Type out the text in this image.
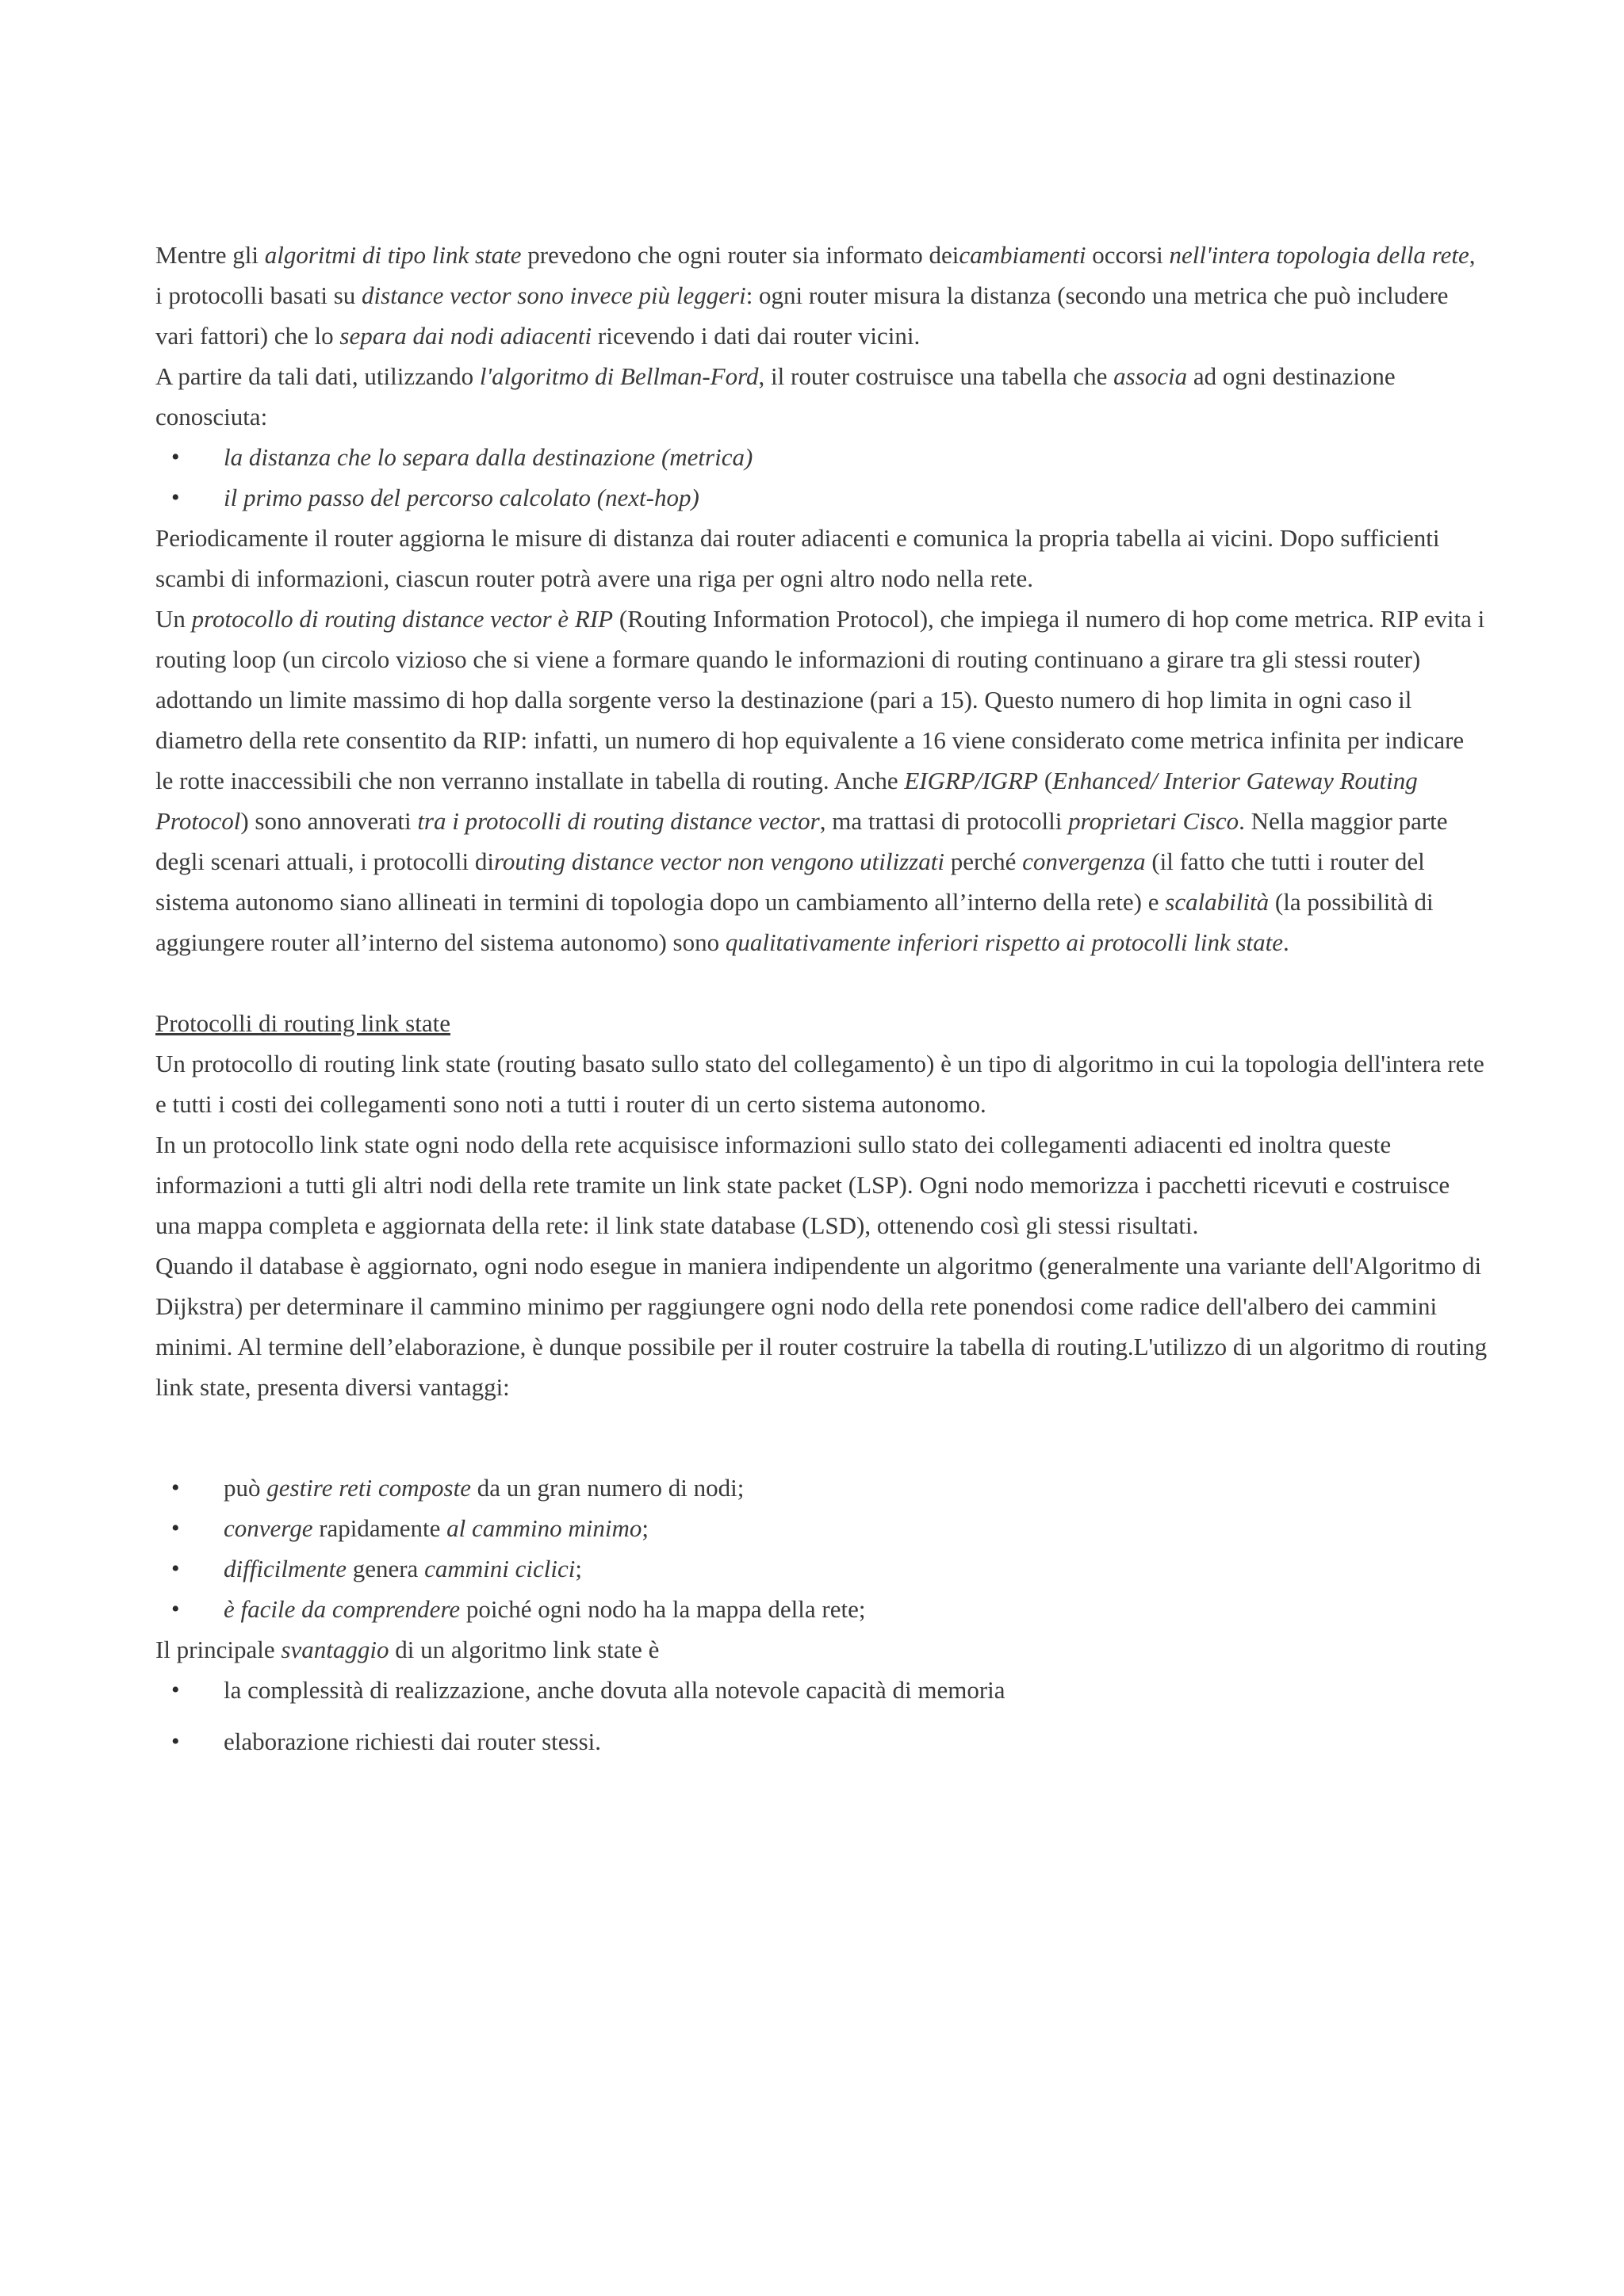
Mentre gli algoritmi di tipo link state prevedono che ogni router sia informato deicambiamenti occorsi nell'intera topologia della rete, i protocolli basati su distance vector sono invece più leggeri: ogni router misura la distanza (secondo una metrica che può includere vari fattori) che lo separa dai nodi adiacenti ricevendo i dati dai router vicini.

A partire da tali dati, utilizzando l'algoritmo di Bellman-Ford, il router costruisce una tabella che associa ad ogni destinazione conosciuta:

• la distanza che lo separa dalla destinazione (metrica)
• il primo passo del percorso calcolato (next-hop)

Periodicamente il router aggiorna le misure di distanza dai router adiacenti e comunica la propria tabella ai vicini. Dopo sufficienti scambi di informazioni, ciascun router potrà avere una riga per ogni altro nodo nella rete.

Un protocollo di routing distance vector è RIP (Routing Information Protocol), che impiega il numero di hop come metrica. RIP evita i routing loop (un circolo vizioso che si viene a formare quando le informazioni di routing continuano a girare tra gli stessi router) adottando un limite massimo di hop dalla sorgente verso la destinazione (pari a 15). Questo numero di hop limita in ogni caso il diametro della rete consentito da RIP: infatti, un numero di hop equivalente a 16 viene considerato come metrica infinita per indicare le rotte inaccessibili che non verranno installate in tabella di routing. Anche EIGRP/IGRP (Enhanced/ Interior Gateway Routing Protocol) sono annoverati tra i protocolli di routing distance vector, ma trattasi di protocolli proprietari Cisco. Nella maggior parte degli scenari attuali, i protocolli dirouting distance vector non vengono utilizzati perché convergenza (il fatto che tutti i router del sistema autonomo siano allineati in termini di topologia dopo un cambiamento all’interno della rete) e scalabilità (la possibilità di aggiungere router all’interno del sistema autonomo) sono qualitativamente inferiori rispetto ai protocolli link state.

Protocolli di routing link state

Un protocollo di routing link state (routing basato sullo stato del collegamento) è un tipo di algoritmo in cui la topologia dell'intera rete e tutti i costi dei collegamenti sono noti a tutti i router di un certo sistema autonomo.

In un protocollo link state ogni nodo della rete acquisisce informazioni sullo stato dei collegamenti adiacenti ed inoltra queste informazioni a tutti gli altri nodi della rete tramite un link state packet (LSP). Ogni nodo memorizza i pacchetti ricevuti e costruisce una mappa completa e aggiornata della rete: il link state database (LSD), ottenendo così gli stessi risultati.

Quando il database è aggiornato, ogni nodo esegue in maniera indipendente un algoritmo (generalmente una variante dell'Algoritmo di Dijkstra) per determinare il cammino minimo per raggiungere ogni nodo della rete ponendosi come radice dell'albero dei cammini minimi. Al termine dell’elaborazione, è dunque possibile per il router costruire la tabella di routing.L'utilizzo di un algoritmo di routing link state, presenta diversi vantaggi:

• può gestire reti composte da un gran numero di nodi;
• converge rapidamente al cammino minimo;
• difficilmente genera cammini ciclici;
• è facile da comprendere poiché ogni nodo ha la mappa della rete;

Il principale svantaggio di un algoritmo link state è

• la complessità di realizzazione, anche dovuta alla notevole capacità di memoria
• elaborazione richiesti dai router stessi.
